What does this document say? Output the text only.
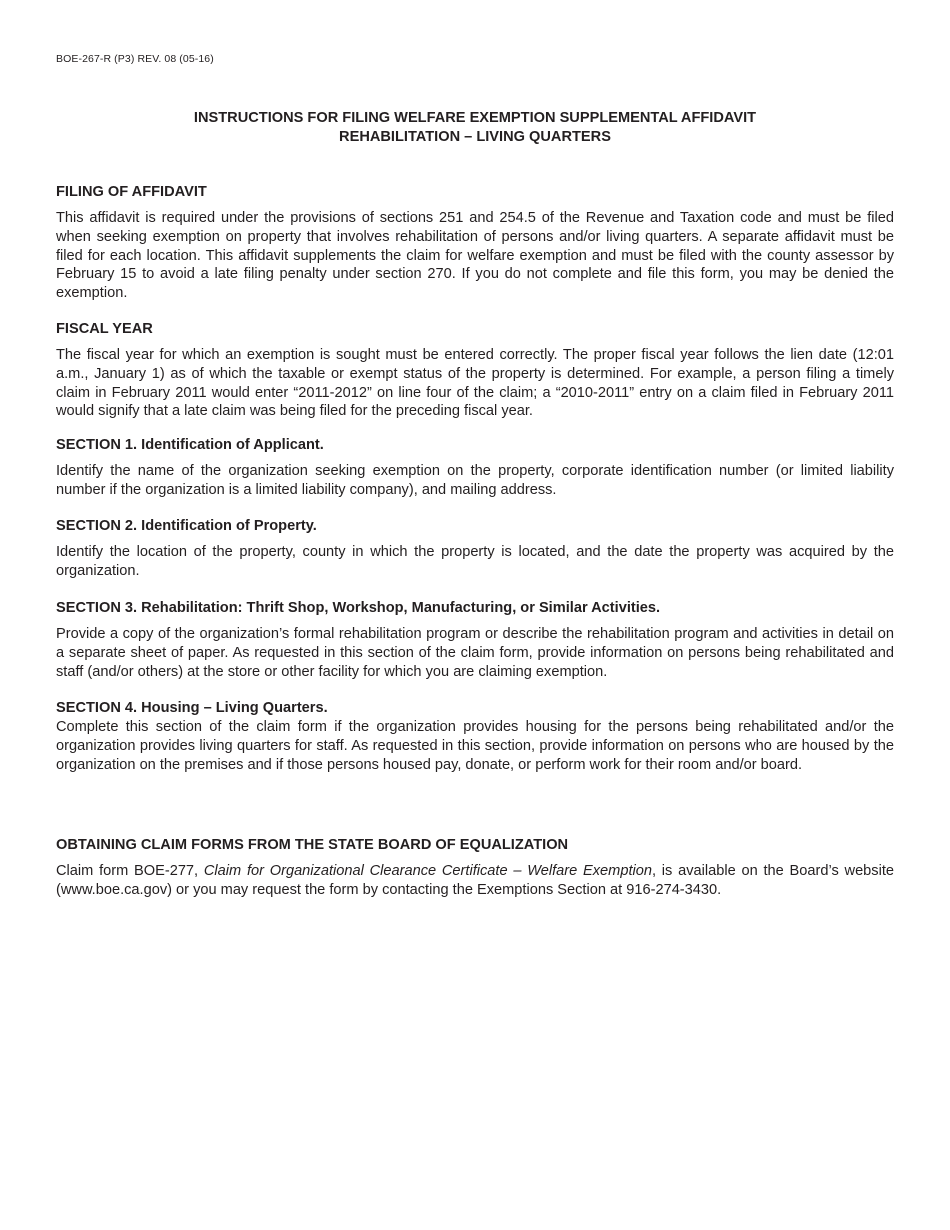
BOE-267-R (P3) REV. 08 (05-16)

INSTRUCTIONS FOR FILING WELFARE EXEMPTION SUPPLEMENTAL AFFIDAVIT
REHABILITATION – LIVING QUARTERS
FILING OF AFFIDAVIT

This affidavit is required under the provisions of sections 251 and 254.5 of the Revenue and Taxation code and must be filed when seeking exemption on property that involves rehabilitation of persons and/or living quarters. A separate affidavit must be filed for each location. This affidavit supplements the claim for welfare exemption and must be filed with the county assessor by February 15 to avoid a late filing penalty under section 270. If you do not complete and file this form, you may be denied the exemption.

FISCAL YEAR

The fiscal year for which an exemption is sought must be entered correctly. The proper fiscal year follows the lien date (12:01 a.m., January 1) as of which the taxable or exempt status of the property is determined. For example, a person filing a timely claim in February 2011 would enter “2011-2012” on line four of the claim; a “2010-2011” entry on a claim filed in February 2011 would signify that a late claim was being filed for the preceding fiscal year.

SECTION 1. Identification of Applicant.

Identify the name of the organization seeking exemption on the property, corporate identification number (or limited liability number if the organization is a limited liability company), and mailing address.

SECTION 2. Identification of Property.

Identify the location of the property, county in which the property is located, and the date the property was acquired by the organization.

SECTION 3. Rehabilitation: Thrift Shop, Workshop, Manufacturing, or Similar Activities.

Provide a copy of the organization’s formal rehabilitation program or describe the rehabilitation program and activities in detail on a separate sheet of paper. As requested in this section of the claim form, provide information on persons being rehabilitated and staff (and/or others) at the store or other facility for which you are claiming exemption.

SECTION 4. Housing – Living Quarters.

Complete this section of the claim form if the organization provides housing for the persons being rehabilitated and/or the organization provides living quarters for staff. As requested in this section, provide information on persons who are housed by the organization on the premises and if those persons housed pay, donate, or perform work for their room and/or board.

OBTAINING CLAIM FORMS FROM THE STATE BOARD OF EQUALIZATION

Claim form BOE-277, Claim for Organizational Clearance Certificate – Welfare Exemption, is available on the Board’s website (www.boe.ca.gov) or you may request the form by contacting the Exemptions Section at 916-274-3430.
